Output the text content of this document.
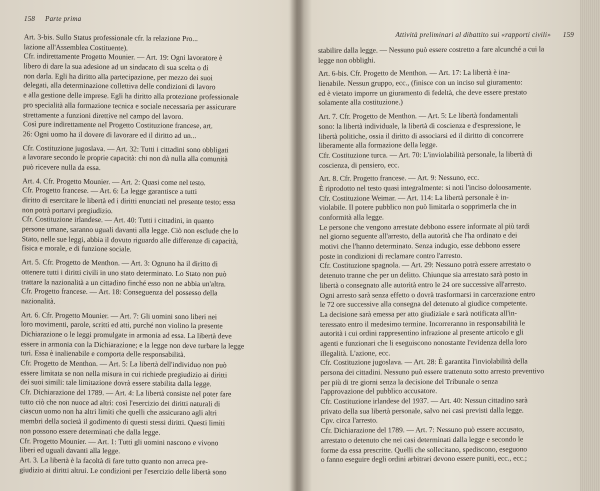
158 Parte prima
Art. 3-bis. Sullo Status professionale cfr. la relazione Pro...
lazione all'Assemblea Costituente).
Cfr. indirettamente Progetto Mounier. — Art. 19: Ogni lavoratore è
libero di dare la sua adesione ad un sindacato di sua scelta o di
non darla. Egli ha diritto alla partecipazione, per mezzo dei suoi
delegati, alla determinazione collettiva delle condizioni di lavoro
e alla gestione delle imprese. Egli ha diritto alla protezione professionale
pro specialità alla formazione tecnica e sociale necessaria per assicurare
strettamente a funzioni direttive nel campo del lavoro.
Così pure indirettamente nel Progetto Costituzione francese, art.
26: Ogni uomo ha il dovere di lavorare ed il diritto ad un...
Cfr. Costituzione jugoslava. — Art. 32: Tutti i cittadini sono obbligati
a lavorare secondo le proprie capacità: chi non dà nulla alla comunità
può ricevere nulla da essa.
Art. 4. Cfr. Progetto Mounier. — Art. 2: Quasi come nel testo.
Cfr. Progetto francese. — Art. 6: La legge garantisce a tutti
diritto di esercitare le libertà ed i diritti enunciati nel presente testo; essa
non potrà portarvi pregiudizio.
Cfr. Costituzione irlandese. — Art. 40: Tutti i cittadini, in quanto
persone umane, saranno uguali davanti alla legge. Ciò non esclude che lo
Stato, nelle sue leggi, abbia il dovuto riguardo alle differenze di capacità,
fisica e morale, e di funzione sociale.
Art. 5. Cfr. Progetto de Menthon. — Art. 3: Ognuno ha il diritto di
ottenere tutti i diritti civili in uno stato determinato. Lo Stato non può
trattare la nazionalità a un cittadino finché esso non ne abbia un'altra.
Cfr. Progetto francese. — Art. 18: Conseguenza del possesso della
nazionalità.
Art. 6. Cfr. Progetto Mounier. — Art. 7: Gli uomini sono liberi nei
loro movimenti, parole, scritti ed atti, purché non violino la presente
Dichiarazione o le leggi promulgate in armonia ad essa. La libertà deve
essere in armonia con la Dichiarazione; e la legge non deve turbare la legge
turi. Essa è inalienabile e comporta delle responsabilità.
Cfr. Progetto de Menthon. — Art. 5: La libertà dell'individuo non può
essere limitata se non nella misura in cui richiede pregiudizio ai diritti
dei suoi simili: tale limitazione dovrà essere stabilita dalla legge.
Cfr. Dichiarazione del 1789. — Art. 4: La libertà consiste nel poter fare
tutto ciò che non nuoce ad altri: così l'esercizio dei diritti naturali di
ciascun uomo non ha altri limiti che quelli che assicurano agli altri
membri della società il godimento di questi stessi diritti. Questi limiti
non possono essere determinati che dalla legge.
Cfr. Progetto Mounier. — Art. 1: Tutti gli uomini nascono e vivono
liberi ed uguali davanti alla legge.
Art. 3. La libertà è la facoltà di fare tutto quanto non arreca pre-
giudizio ai diritti altrui. Le condizioni per l'esercizio delle libertà sono
Attività preliminari al dibattito sui «rapporti civili» 159
stabilire dalla legge. — Nessuno può essere costretto a fare alcunché a cui la
legge non obblighi.
Art. 6-bis. Cfr. Progetto de Menthon. — Art. 17: La libertà è ina-
lienabile. Nessun gruppo, ecc., (finisce con un inciso sul giuramento:
ed è vietato imporre un giuramento di fedeltà, che deve essere prestato
solamente alla costituzione.)
Art. 7. Cfr. Progetto de Menthon. — Art. 5: Le libertà fondamentali
sono: la libertà individuale, la libertà di coscienza e d'espressione, le
libertà politiche, ossia il diritto di associarsi ed il diritto di concorrere
liberamente alla formazione della legge.
Cfr. Costituzione turca. — Art. 70: L'inviolabilità personale, la libertà di
coscienza, di pensiero, ecc.
Art. 8. Cfr. Progetto francese. — Art. 9: Nessuno, ecc.
È riprodotto nel testo quasi integralmente: si noti l'inciso doloosamente.
Cfr. Costituzione Weimar. — Art. 114: La libertà personale è in-
violabile. Il potere pubblico non può limitarla o sopprimerla che in
conformità alla legge.
Le persone che vengono arrestate debbono essere informate al più tardi
nel giorno seguente all'arresto, della autorità che l'ha ordinato e dei
motivi che l'hanno determinato. Senza indugio, esse debbono essere
poste in condizioni di reclamare contro l'arresto.
Cfr. Costituzione spagnola. — Art. 29: Nessuno potrà essere arrestato o
detenuto tranne che per un delitto. Chiunque sia arrestato sarà posto in
libertà o consegnato alle autorità entro le 24 ore successive all'arresto.
Ogni arresto sarà senza effetto o dovrà trasformarsi in carcerazione entro
le 72 ore successive alla consegna del detenuto al giudice competente.
La decisione sarà emessa per atto giudiziale e sarà notificata all'in-
teressato entro il medesimo termine. Incorreranno in responsabilità le
autorità i cui ordini rappresentino infrazione al presente articolo e gli
agenti e funzionari che li eseguiscono nonostante l'evidenza della loro
illegalità. L'azione, ecc.
Cfr. Costituzione jugoslava. — Art. 28: È garantita l'inviolabilità della
persona dei cittadini. Nessuno può essere trattenuto sotto arresto preventivo
per più di tre giorni senza la decisione del Tribunale o senza
l'approvazione del pubblico accusatore.
Cfr. Costituzione irlandese del 1937. — Art. 40: Nessun cittadino sarà
privato della sua libertà personale, salvo nei casi previsti dalla legge.
Cpv. circa l'arresto.
Cfr. Dichiarazione del 1789. — Art. 7: Nessuno può essere accusato,
arrestato o detenuto che nei casi determinati dalla legge e secondo le
forme da essa prescritte. Quelli che sollecitano, spediscono, eseguono
o fanno eseguire degli ordini arbitrari devono essere puniti, ecc., ecc.;
